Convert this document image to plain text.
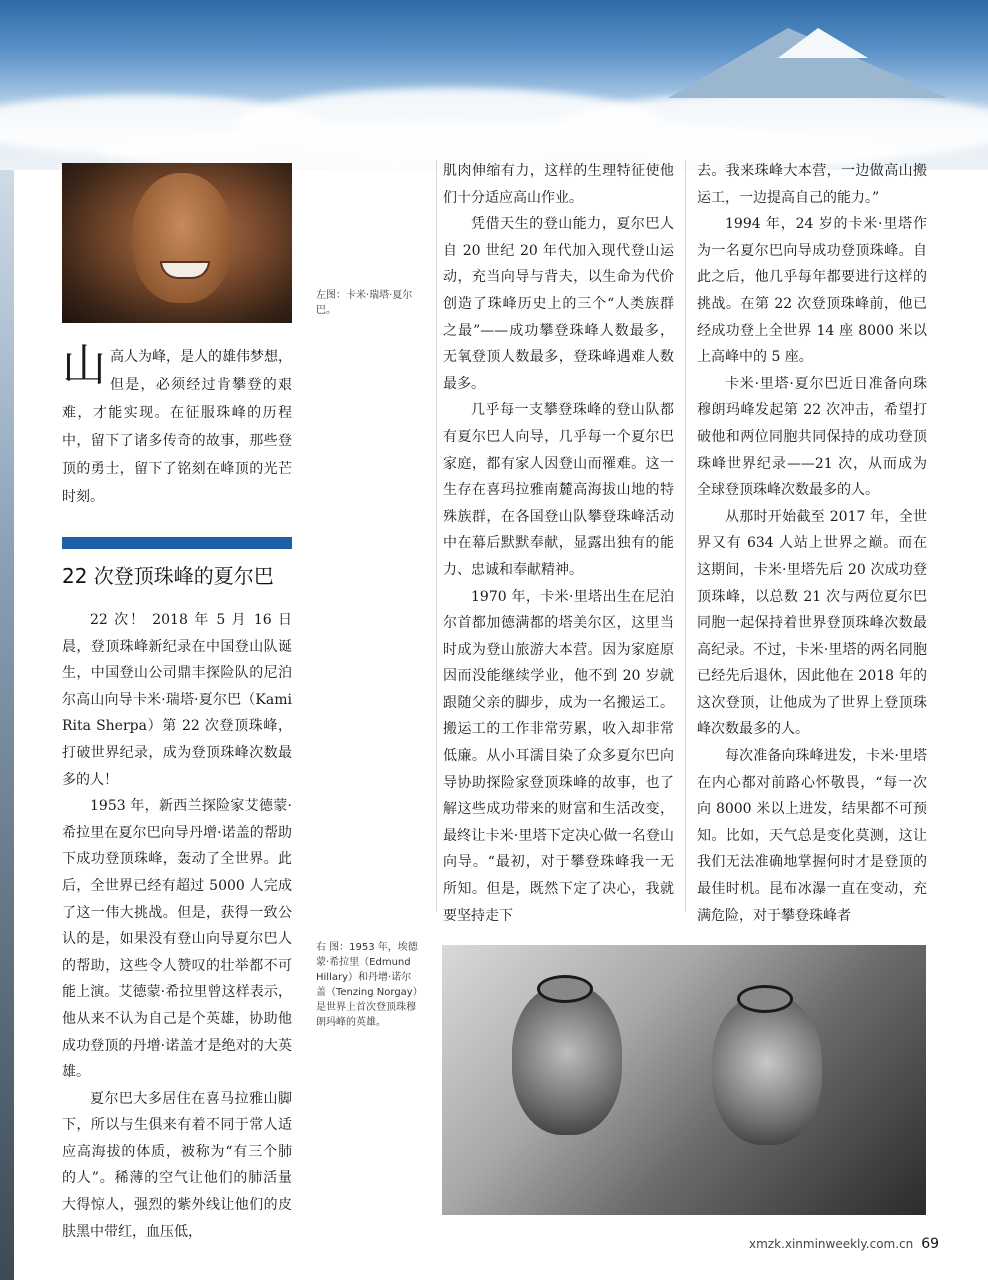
左图：卡米·瑞塔·夏尔巴。

山高人为峰，是人的雄伟梦想，但是，必须经过肯攀登的艰难，才能实现。在征服珠峰的历程中，留下了诸多传奇的故事，那些登顶的勇士，留下了铭刻在峰顶的光芒时刻。

22 次登顶珠峰的夏尔巴

22 次！ 2018 年 5 月 16 日晨，登顶珠峰新纪录在中国登山队诞生，中国登山公司鼎丰探险队的尼泊尔高山向导卡米·瑞塔·夏尔巴（Kami Rita Sherpa）第 22 次登顶珠峰，打破世界纪录，成为登顶珠峰次数最多的人！

1953 年，新西兰探险家艾德蒙·希拉里在夏尔巴向导丹增·诺盖的帮助下成功登顶珠峰，轰动了全世界。此后，全世界已经有超过 5000 人完成了这一伟大挑战。但是，获得一致公认的是，如果没有登山向导夏尔巴人的帮助，这些令人赞叹的壮举都不可能上演。艾德蒙·希拉里曾这样表示，他从来不认为自己是个英雄，协助他成功登顶的丹增·诺盖才是绝对的大英雄。

夏尔巴大多居住在喜马拉雅山脚下，所以与生俱来有着不同于常人适应高海拔的体质，被称为“有三个肺的人”。稀薄的空气让他们的肺活量大得惊人，强烈的紫外线让他们的皮肤黑中带红，血压低，

肌肉伸缩有力，这样的生理特征使他们十分适应高山作业。

凭借天生的登山能力，夏尔巴人自 20 世纪 20 年代加入现代登山运动，充当向导与背夫，以生命为代价创造了珠峰历史上的三个“人类族群之最”——成功攀登珠峰人数最多，无氧登顶人数最多，登珠峰遇难人数最多。

几乎每一支攀登珠峰的登山队都有夏尔巴人向导，几乎每一个夏尔巴家庭，都有家人因登山而罹难。这一生存在喜玛拉雅南麓高海拔山地的特殊族群，在各国登山队攀登珠峰活动中在幕后默默奉献，显露出独有的能力、忠诚和奉献精神。

1970 年，卡米·里塔出生在尼泊尔首都加德满都的塔美尔区，这里当时成为登山旅游大本营。因为家庭原因而没能继续学业，他不到 20 岁就跟随父亲的脚步，成为一名搬运工。搬运工的工作非常劳累，收入却非常低廉。从小耳濡目染了众多夏尔巴向导协助探险家登顶珠峰的故事，也了解这些成功带来的财富和生活改变，最终让卡米·里塔下定决心做一名登山向导。“最初，对于攀登珠峰我一无所知。但是，既然下定了决心，我就要坚持走下

去。我来珠峰大本营，一边做高山搬运工，一边提高自己的能力。”

1994 年，24 岁的卡米·里塔作为一名夏尔巴向导成功登顶珠峰。自此之后，他几乎每年都要进行这样的挑战。在第 22 次登顶珠峰前，他已经成功登上全世界 14 座 8000 米以上高峰中的 5 座。

卡米·里塔·夏尔巴近日准备向珠穆朗玛峰发起第 22 次冲击，希望打破他和两位同胞共同保持的成功登顶珠峰世界纪录——21 次，从而成为全球登顶珠峰次数最多的人。

从那时开始截至 2017 年，全世界又有 634 人站上世界之巅。而在这期间，卡米·里塔先后 20 次成功登顶珠峰，以总数 21 次与两位夏尔巴同胞一起保持着世界登顶珠峰次数最高纪录。不过，卡米·里塔的两名同胞已经先后退休，因此他在 2018 年的这次登顶，让他成为了世界上登顶珠峰次数最多的人。

每次准备向珠峰进发，卡米·里塔在内心都对前路心怀敬畏，“每一次向 8000 米以上进发，结果都不可预知。比如，天气总是变化莫测，这让我们无法准确地掌握何时才是登顶的最佳时机。昆布冰瀑一直在变动，充满危险，对于攀登珠峰者

右 图：1953 年，埃德蒙·希拉里（Edmund Hillary）和丹增·诺尔盖（Tenzing Norgay）是世界上首次登顶珠穆朗玛峰的英雄。
xmzk.xinminweekly.com.cn 69
